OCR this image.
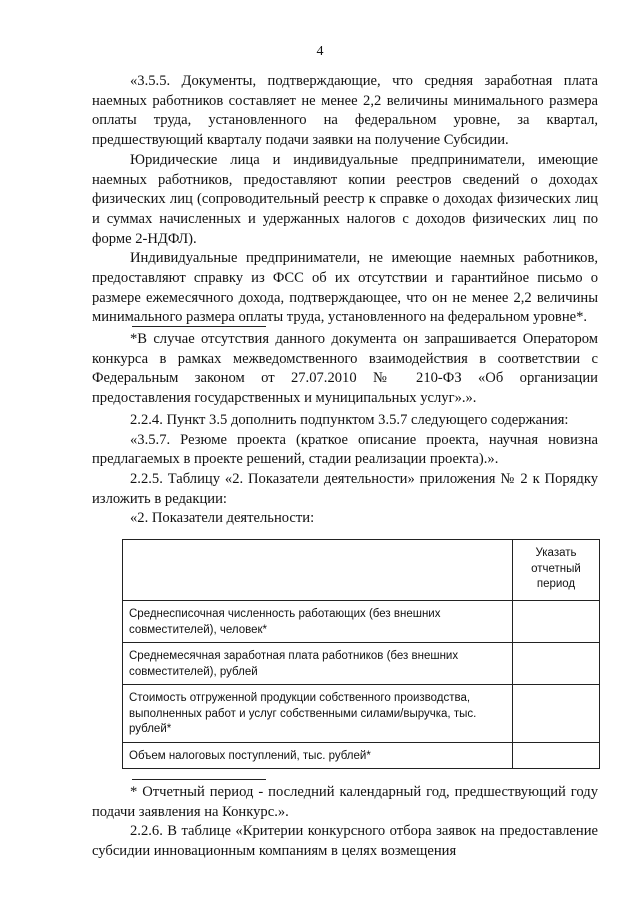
4

«3.5.5. Документы, подтверждающие, что средняя заработная плата наемных работников составляет не менее 2,2 величины минимального размера оплаты труда, установленного на федеральном уровне, за квартал, предшествующий кварталу подачи заявки на получение Субсидии.

Юридические лица и индивидуальные предприниматели, имеющие наемных работников, предоставляют копии реестров сведений о доходах физических лиц (сопроводительный реестр к справке о доходах физических лиц и суммах начисленных и удержанных налогов с доходов физических лиц по форме 2-НДФЛ).

Индивидуальные предприниматели, не имеющие наемных работников, предоставляют справку из ФСС об их отсутствии и гарантийное письмо о размере ежемесячного дохода, подтверждающее, что он не менее 2,2 величины минимального размера оплаты труда, установленного на федеральном уровне*.

*В случае отсутствия данного документа он запрашивается Оператором конкурса в рамках межведомственного взаимодействия в соответствии с Федеральным законом от 27.07.2010 № 210-ФЗ «Об организации предоставления государственных и муниципальных услуг».».

2.2.4. Пункт 3.5 дополнить подпунктом 3.5.7 следующего содержания:

«3.5.7. Резюме проекта (краткое описание проекта, научная новизна предлагаемых в проекте решений, стадии реализации проекта).».

2.2.5. Таблицу «2. Показатели деятельности» приложения № 2 к Порядку изложить в редакции:

«2. Показатели деятельности:

	Указать отчетный период
Среднесписочная численность работающих (без внешних совместителей), человек*	
Среднемесячная заработная плата работников (без внешних совместителей), рублей	
Стоимость отгруженной продукции собственного производства, выполненных работ и услуг собственными силами/выручка, тыс. рублей*	
Объем налоговых поступлений, тыс. рублей*	

* Отчетный период - последний календарный год, предшествующий году подачи заявления на Конкурс.».

2.2.6. В таблице «Критерии конкурсного отбора заявок на предоставление субсидии инновационным компаниям в целях возмещения
